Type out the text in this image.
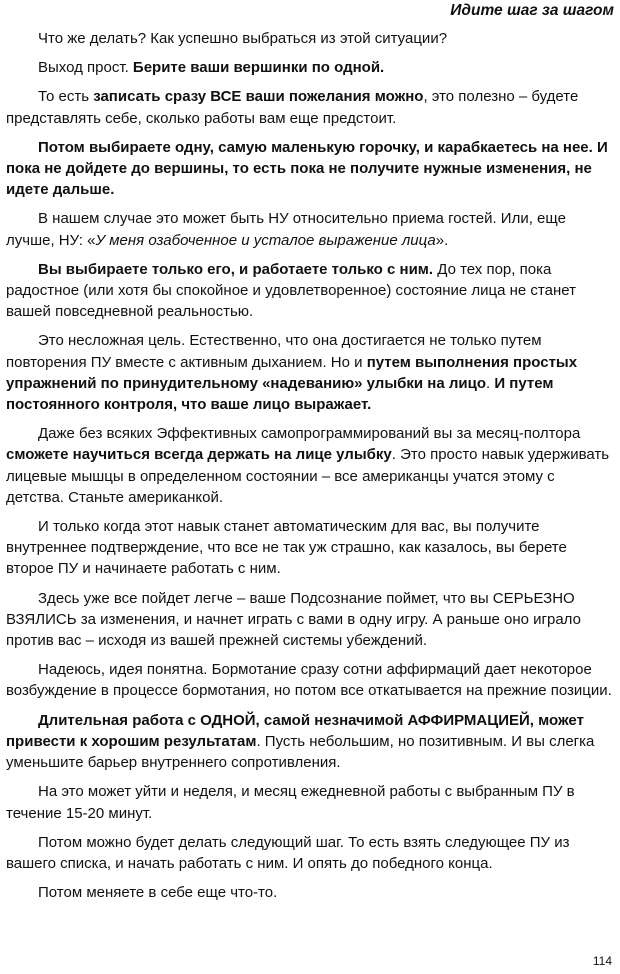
Идите шаг за шагом

Что же делать? Как успешно выбраться из этой ситуации?

Выход прост. Берите ваши вершинки по одной.

То есть записать сразу ВСЕ ваши пожелания можно, это полезно – будете представлять себе, сколько работы вам еще предстоит.

Потом выбираете одну, самую маленькую горочку, и карабкаетесь на нее. И пока не дойдете до вершины, то есть пока не получите нужные изменения, не идете дальше.

В нашем случае это может быть НУ относительно приема гостей. Или, еще лучше, НУ: «У меня озабоченное и усталое выражение лица».

Вы выбираете только его, и работаете только с ним. До тех пор, пока радостное (или хотя бы спокойное и удовлетворенное) состояние лица не станет вашей повседневной реальностью.

Это несложная цель. Естественно, что она достигается не только путем повторения ПУ вместе с активным дыханием. Но и путем выполнения простых упражнений по принудительному «надеванию» улыбки на лицо. И путем постоянного контроля, что ваше лицо выражает.

Даже без всяких Эффективных самопрограммирований вы за месяц-полтора сможете научиться всегда держать на лице улыбку. Это просто навык удерживать лицевые мышцы в определенном состоянии – все американцы учатся этому с детства. Станьте американкой.

И только когда этот навык станет автоматическим для вас, вы получите внутреннее подтверждение, что все не так уж страшно, как казалось, вы берете второе ПУ и начинаете работать с ним.

Здесь уже все пойдет легче – ваше Подсознание поймет, что вы СЕРЬЕЗНО ВЗЯЛИСЬ за изменения, и начнет играть с вами в одну игру. А раньше оно играло против вас – исходя из вашей прежней системы убеждений.

Надеюсь, идея понятна. Бормотание сразу сотни аффирмаций дает некоторое возбуждение в процессе бормотания, но потом все откатывается на прежние позиции.

Длительная работа с ОДНОЙ, самой незначимой АФФИРМАЦИЕЙ, может привести к хорошим результатам. Пусть небольшим, но позитивным. И вы слегка уменьшите барьер внутреннего сопротивления.

На это может уйти и неделя, и месяц ежедневной работы с выбранным ПУ в течение 15-20 минут.

Потом можно будет делать следующий шаг. То есть взять следующее ПУ из вашего списка, и начать работать с ним. И опять до победного конца.

Потом меняете в себе еще что-то.

114
